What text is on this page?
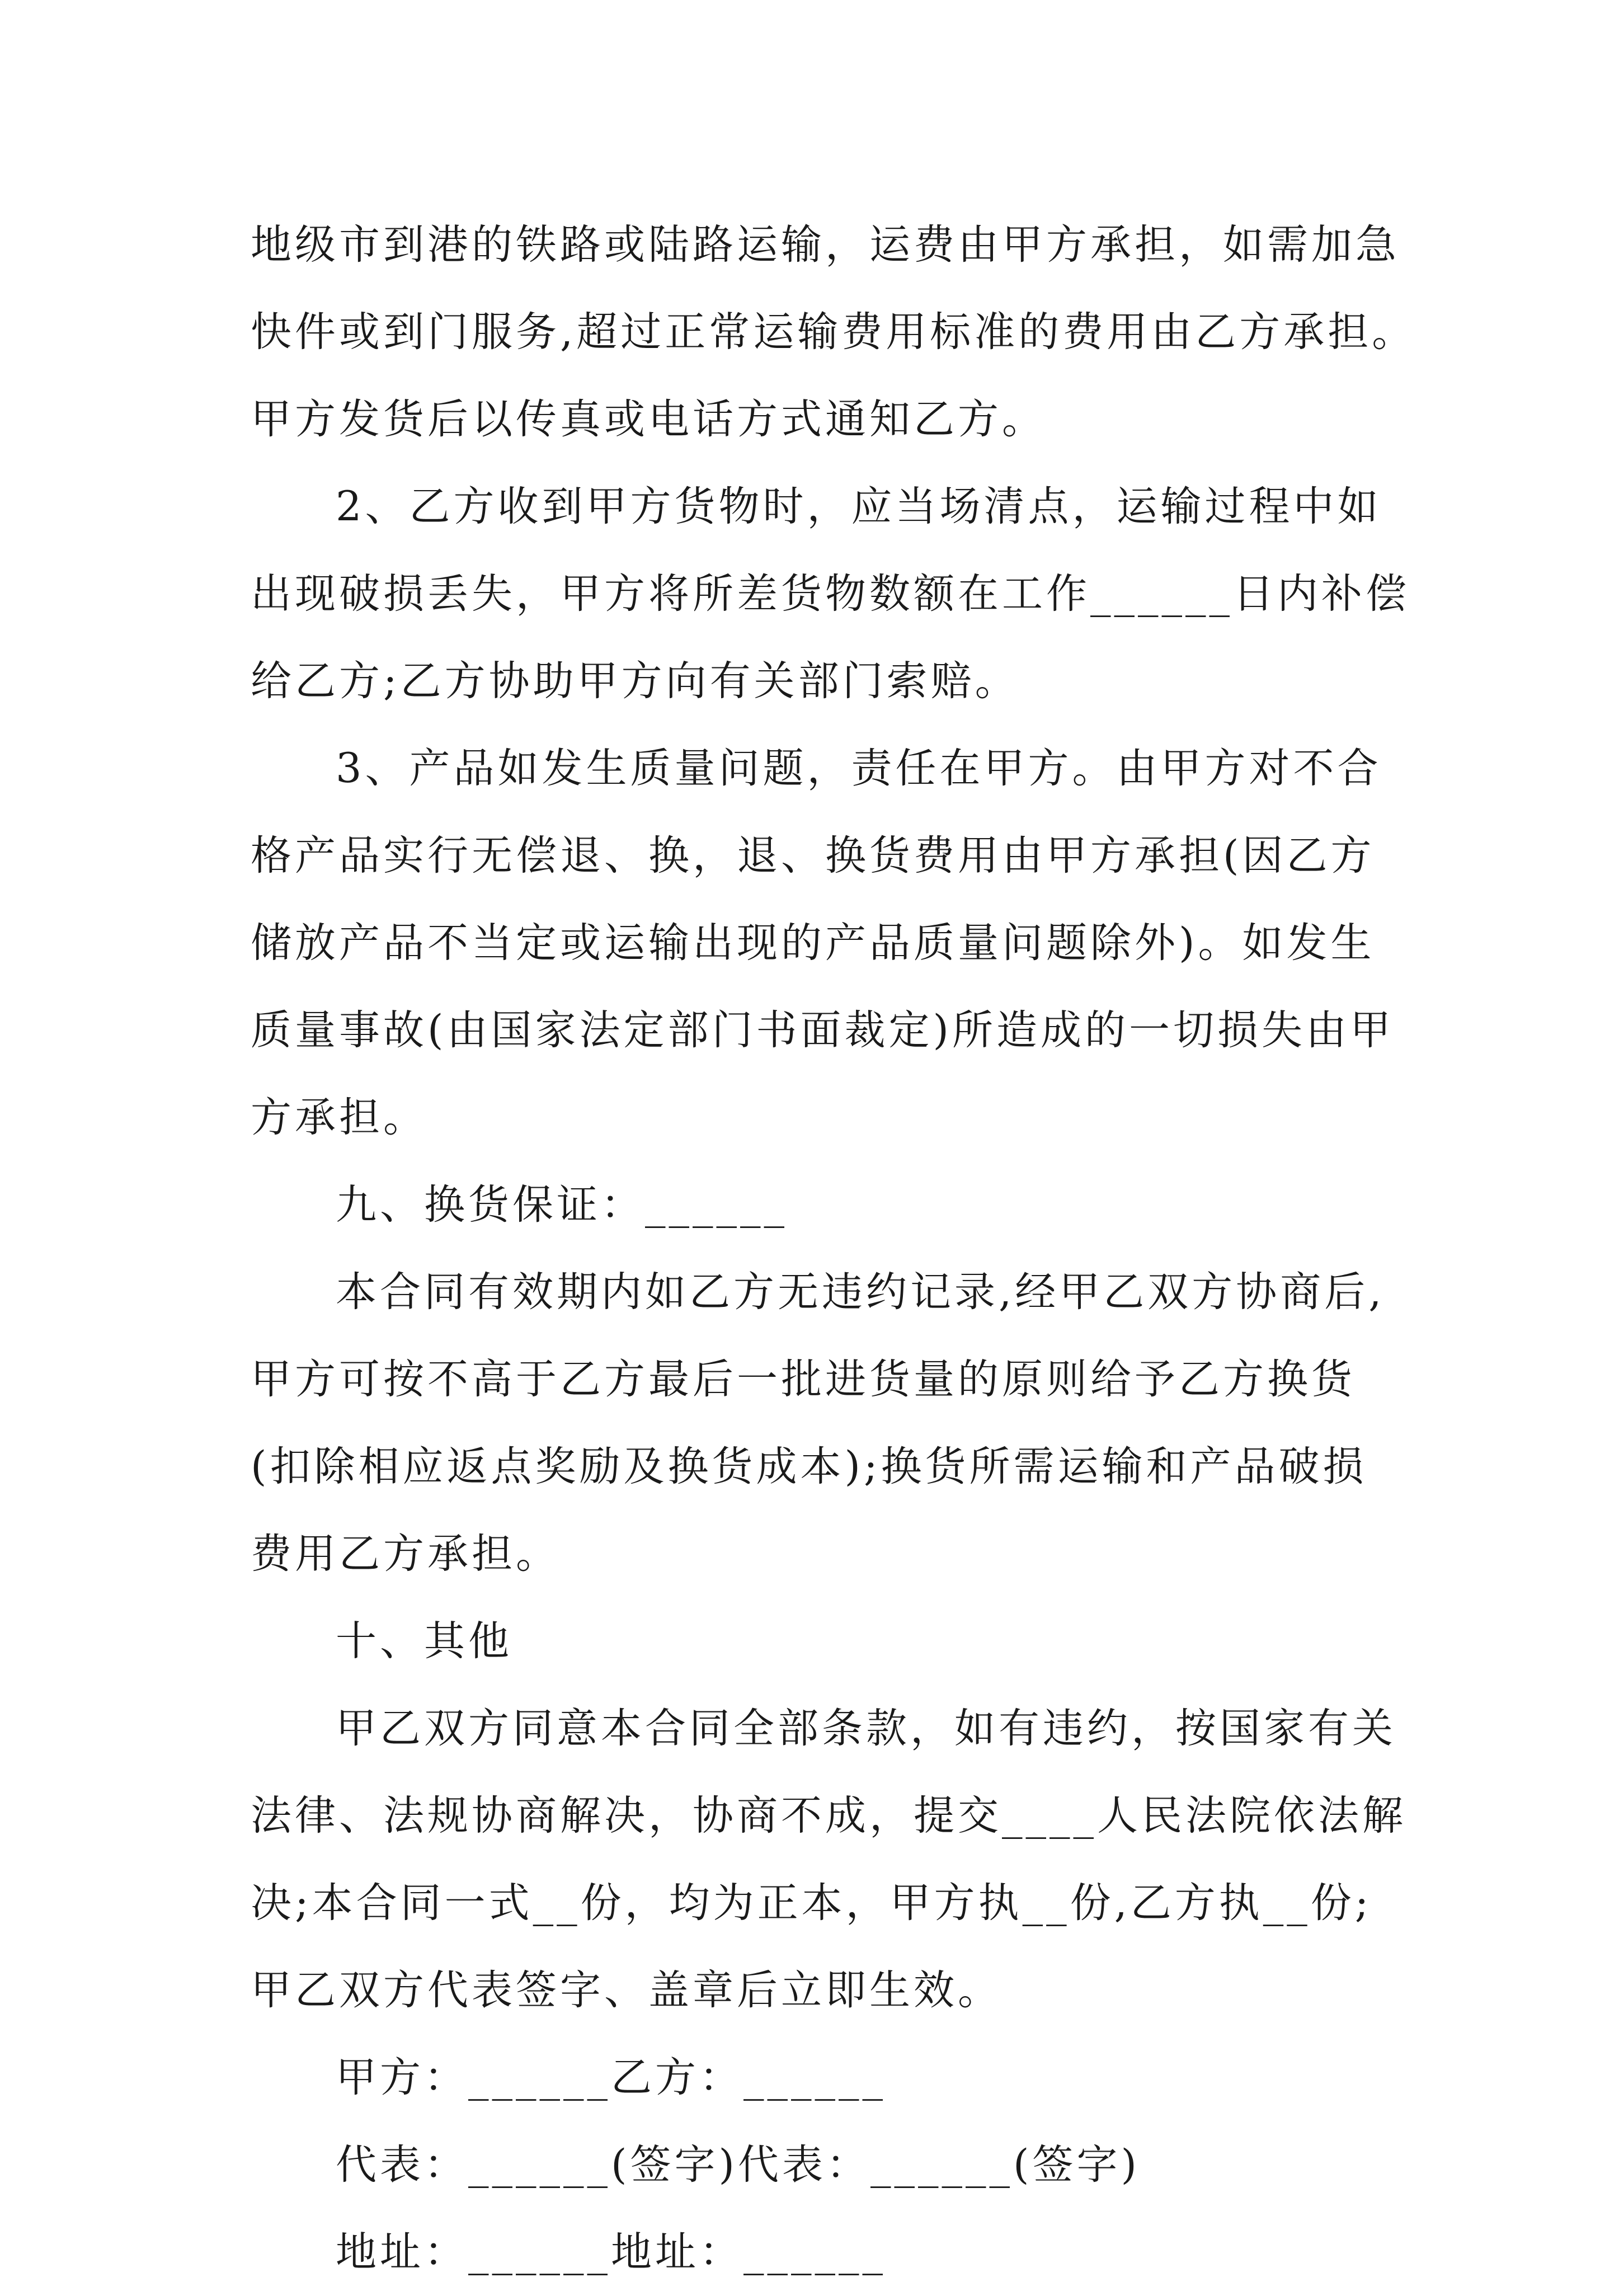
地级市到港的铁路或陆路运输，运费由甲方承担，如需加急
快件或到门服务,超过正常运输费用标准的费用由乙方承担。
甲方发货后以传真或电话方式通知乙方。
2、乙方收到甲方货物时，应当场清点，运输过程中如
出现破损丢失，甲方将所差货物数额在工作______日内补偿
给乙方;乙方协助甲方向有关部门索赔。
3、产品如发生质量问题，责任在甲方。由甲方对不合
格产品实行无偿退、换，退、换货费用由甲方承担(因乙方
储放产品不当定或运输出现的产品质量问题除外)。如发生
质量事故(由国家法定部门书面裁定)所造成的一切损失由甲
方承担。
九、换货保证：______
本合同有效期内如乙方无违约记录,经甲乙双方协商后,
甲方可按不高于乙方最后一批进货量的原则给予乙方换货
(扣除相应返点奖励及换货成本);换货所需运输和产品破损
费用乙方承担。
十、其他
甲乙双方同意本合同全部条款，如有违约，按国家有关
法律、法规协商解决，协商不成，提交____人民法院依法解
决;本合同一式__份，均为正本，甲方执__份,乙方执__份;
甲乙双方代表签字、盖章后立即生效。
甲方：______乙方：______
代表：______(签字)代表：______(签字)
地址：______地址：______
